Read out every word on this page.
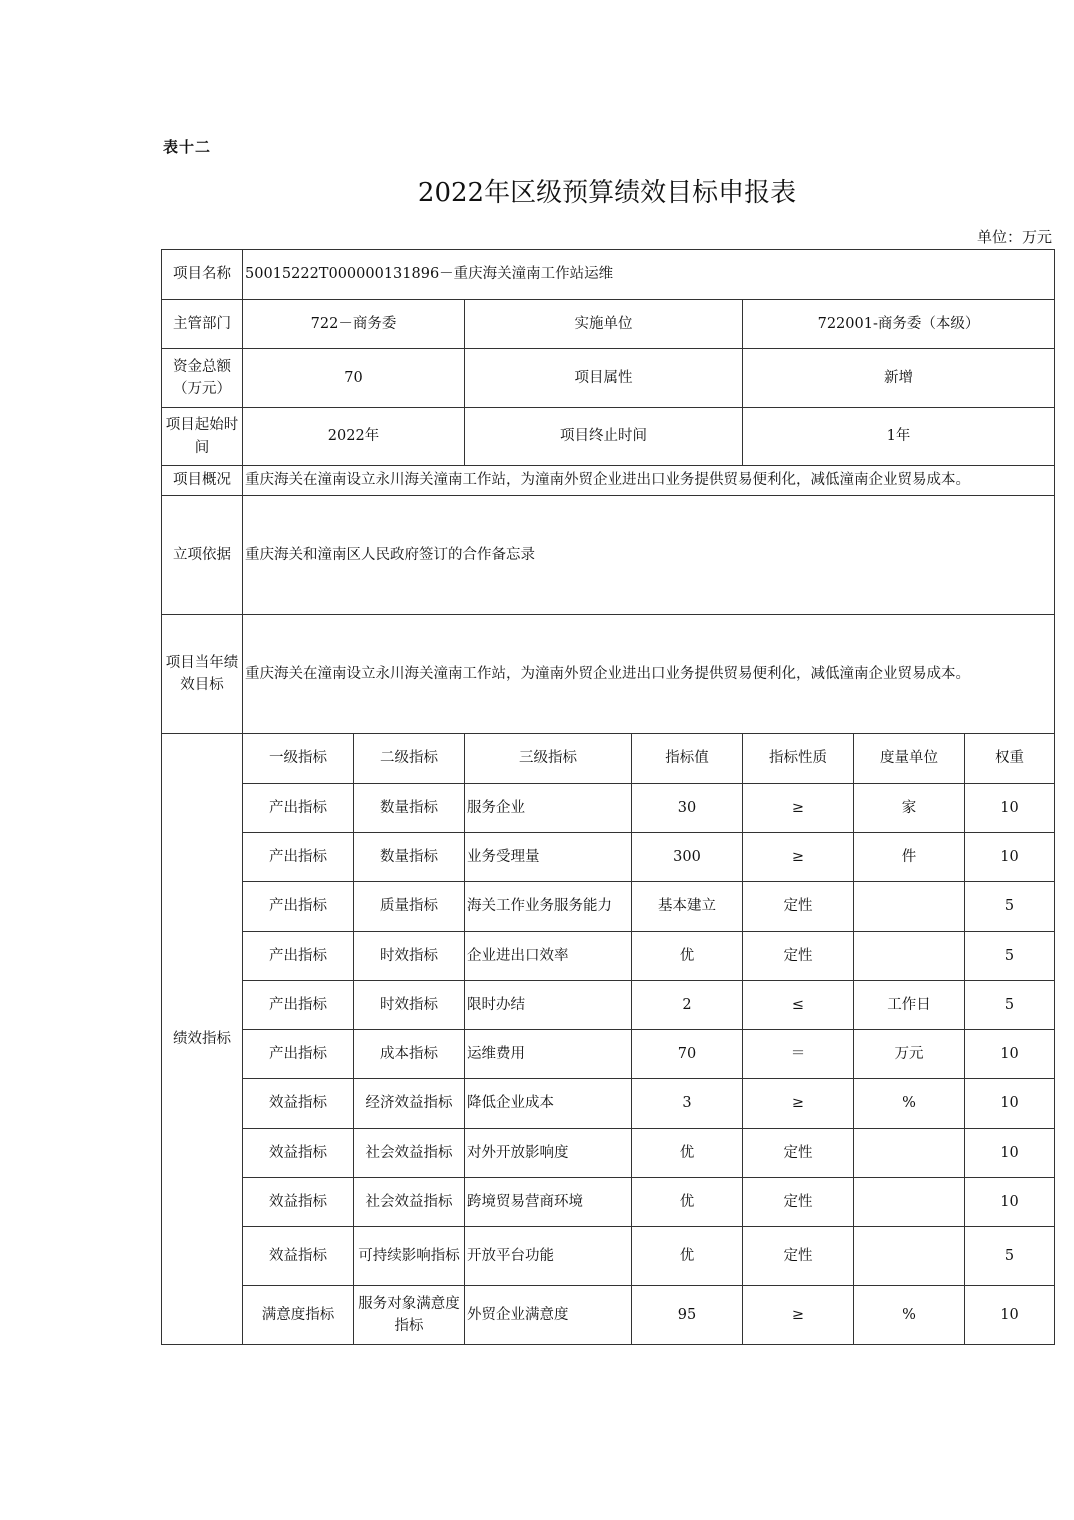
表十二
2022年区级预算绩效目标申报表
单位：万元
项目名称	50015222T000000131896－重庆海关潼南工作站运维						
主管部门	722－商务委		实施单位		722001-商务委（本级）		
资金总额（万元）	70		项目属性		新增		
项目起始时间	2022年		项目终止时间		1年		
项目概况	重庆海关在潼南设立永川海关潼南工作站，为潼南外贸企业进出口业务提供贸易便利化，减低潼南企业贸易成本。						
立项依据	重庆海关和潼南区人民政府签订的合作备忘录						
项目当年绩效目标	重庆海关在潼南设立永川海关潼南工作站，为潼南外贸企业进出口业务提供贸易便利化，减低潼南企业贸易成本。						
绩效指标	一级指标	二级指标	三级指标	指标值	指标性质	度量单位	权重
	产出指标	数量指标	服务企业	30	≥	家	10
	产出指标	数量指标	业务受理量	300	≥	件	10
	产出指标	质量指标	海关工作业务服务能力	基本建立	定性		5
	产出指标	时效指标	企业进出口效率	优	定性		5
	产出指标	时效指标	限时办结	2	≤	工作日	5
	产出指标	成本指标	运维费用	70	＝	万元	10
	效益指标	经济效益指标	降低企业成本	3	≥	%	10
	效益指标	社会效益指标	对外开放影响度	优	定性		10
	效益指标	社会效益指标	跨境贸易营商环境	优	定性		10
	效益指标	可持续影响指标	开放平台功能	优	定性		5
	满意度指标	服务对象满意度指标	外贸企业满意度	95	≥	%	10
